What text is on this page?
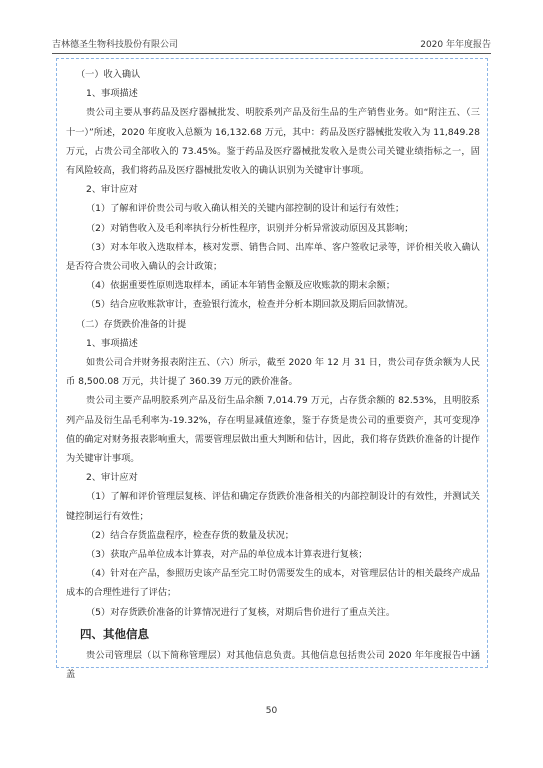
吉林德圣生物科技股份有限公司	2020 年年度报告

（一）收入确认

1、事项描述

贵公司主要从事药品及医疗器械批发、明胶系列产品及衍生品的生产销售业务。如“附注五、（三十一）”所述，2020 年度收入总额为 16,132.68 万元，其中：药品及医疗器械批发收入为 11,849.28 万元，占贵公司全部收入的 73.45%。鉴于药品及医疗器械批发收入是贵公司关键业绩指标之一，固有风险较高，我们将药品及医疗器械批发收入的确认识别为关键审计事项。

2、审计应对

（1）了解和评价贵公司与收入确认相关的关键内部控制的设计和运行有效性；

（2）对销售收入及毛利率执行分析性程序，识别并分析异常波动原因及其影响；

（3）对本年收入选取样本，核对发票、销售合同、出库单、客户签收记录等，评价相关收入确认是否符合贵公司收入确认的会计政策；

（4）依据重要性原则选取样本，函证本年销售金额及应收账款的期末余额；

（5）结合应收账款审计，查验银行流水，检查并分析本期回款及期后回款情况。

（二）存货跌价准备的计提

1、事项描述

如贵公司合并财务报表附注五、（六）所示，截至 2020 年 12 月 31 日，贵公司存货余额为人民币 8,500.08 万元，共计提了 360.39 万元的跌价准备。

贵公司主要产品明胶系列产品及衍生品余额 7,014.79 万元，占存货余额的 82.53%，且明胶系列产品及衍生品毛利率为-19.32%，存在明显减值迹象，鉴于存货是贵公司的重要资产，其可变现净值的确定对财务报表影响重大，需要管理层做出重大判断和估计，因此，我们将存货跌价准备的计提作为关键审计事项。

2、审计应对

（1）了解和评价管理层复核、评估和确定存货跌价准备相关的内部控制设计的有效性，并测试关键控制运行有效性；

（2）结合存货监盘程序，检查存货的数量及状况；

（3）获取产品单位成本计算表，对产品的单位成本计算表进行复核；

（4）针对在产品，参照历史该产品至完工时仍需要发生的成本，对管理层估计的相关最终产成品成本的合理性进行了评估；

（5）对存货跌价准备的计算情况进行了复核，对期后售价进行了重点关注。

四、其他信息

贵公司管理层（以下简称管理层）对其他信息负责。其他信息包括贵公司 2020 年年度报告中涵盖

50
